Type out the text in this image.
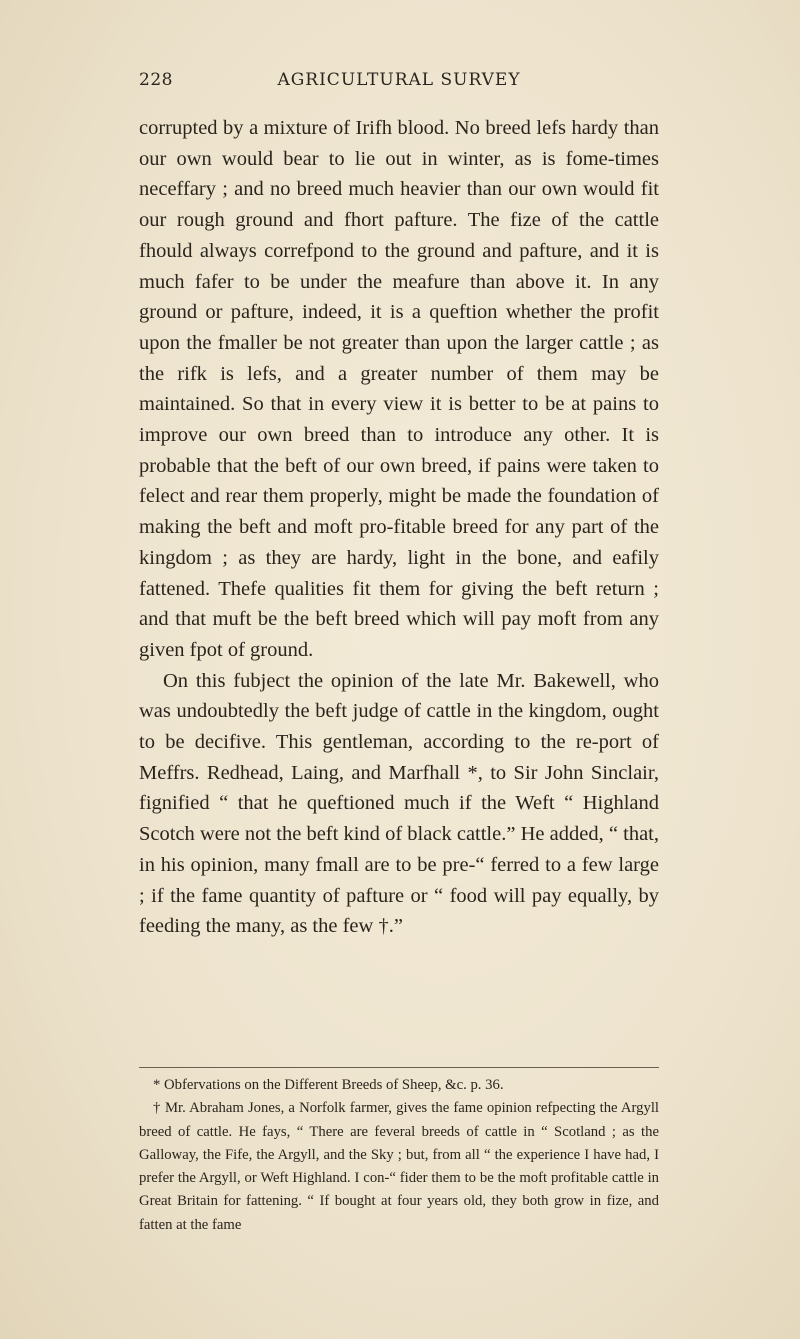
228	AGRICULTURAL SURVEY

corrupted by a mixture of Irifh blood. No breed lefs hardy than our own would bear to lie out in winter, as is fome-times neceffary ; and no breed much heavier than our own would fit our rough ground and fhort pafture. The fize of the cattle fhould always correfpond to the ground and pafture, and it is much fafer to be under the meafure than above it. In any ground or pafture, indeed, it is a queftion whether the profit upon the fmaller be not greater than upon the larger cattle ; as the rifk is lefs, and a greater number of them may be maintained. So that in every view it is better to be at pains to improve our own breed than to introduce any other. It is probable that the beft of our own breed, if pains were taken to felect and rear them properly, might be made the foundation of making the beft and moft pro-fitable breed for any part of the kingdom ; as they are hardy, light in the bone, and eafily fattened. Thefe qualities fit them for giving the beft return ; and that muft be the beft breed which will pay moft from any given fpot of ground.

On this fubject the opinion of the late Mr. Bakewell, who was undoubtedly the beft judge of cattle in the kingdom, ought to be decifive. This gentleman, according to the re-port of Meffrs. Redhead, Laing, and Marfhall *, to Sir John Sinclair, fignified “ that he queftioned much if the Weft “ Highland Scotch were not the beft kind of black cattle.” He added, “ that, in his opinion, many fmall are to be pre-“ ferred to a few large ; if the fame quantity of pafture or “ food will pay equally, by feeding the many, as the few †.”

* Obfervations on the Different Breeds of Sheep, &c. p. 36.

† Mr. Abraham Jones, a Norfolk farmer, gives the fame opinion refpecting the Argyll breed of cattle. He fays, “ There are feveral breeds of cattle in “ Scotland ; as the Galloway, the Fife, the Argyll, and the Sky ; but, from all “ the experience I have had, I prefer the Argyll, or Weft Highland. I con-“ fider them to be the moft profitable cattle in Great Britain for fattening. “ If bought at four years old, they both grow in fize, and fatten at the fame
